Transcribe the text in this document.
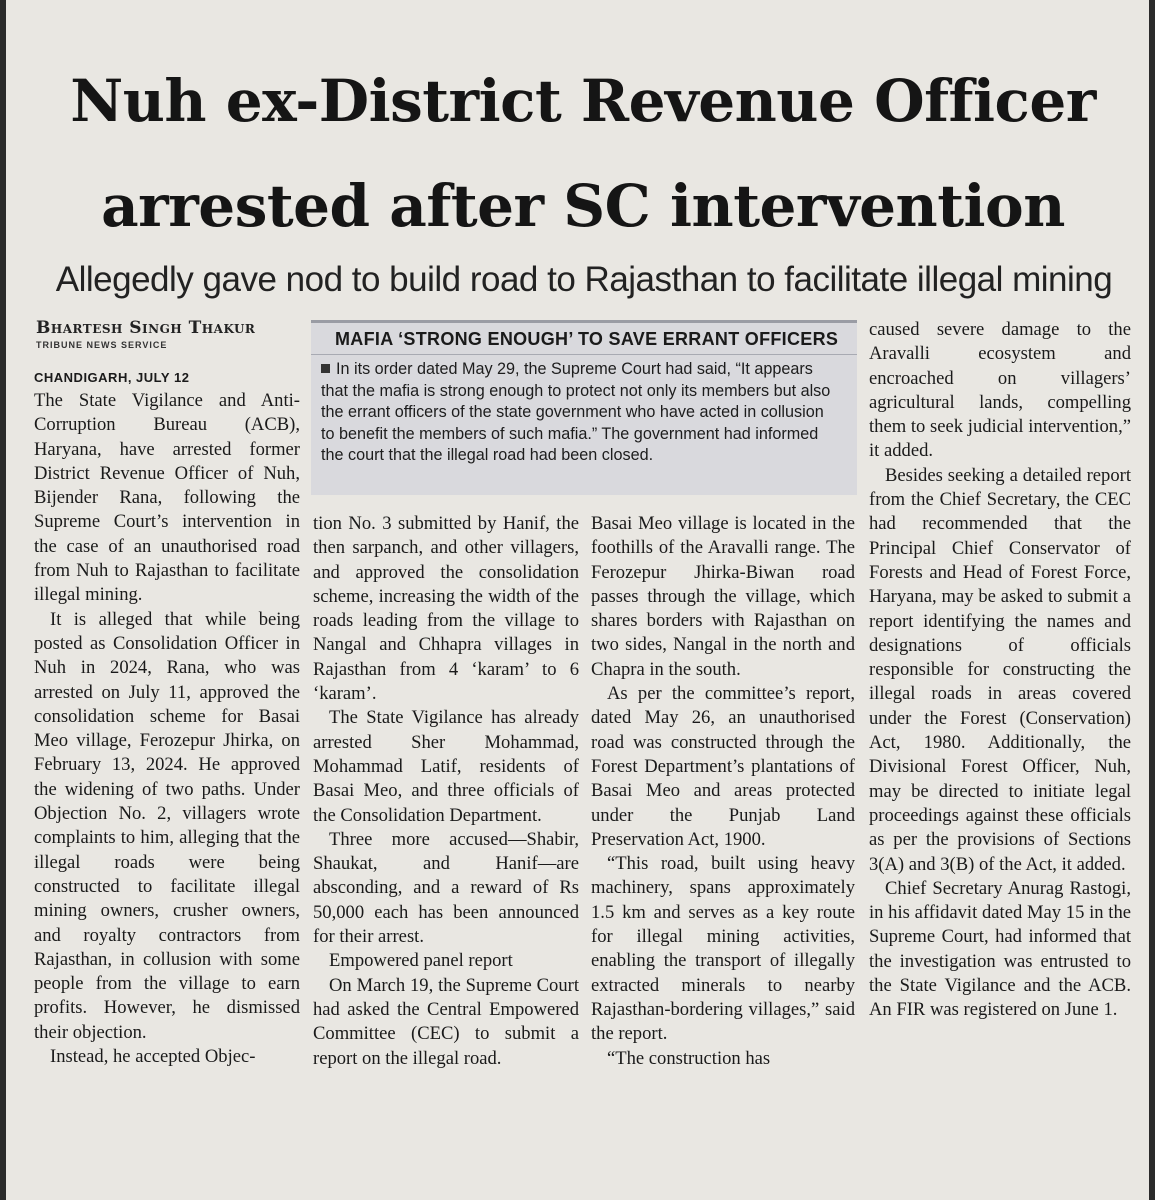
Nuh ex-District Revenue Officer
arrested after SC intervention
Allegedly gave nod to build road to Rajasthan to facilitate illegal mining
Bhartesh Singh Thakur
TRIBUNE NEWS SERVICE	MAFIA ‘STRONG ENOUGH’ TO SAVE ERRANT OFFICERS
In its order dated May 29, the Supreme Court had said, “It appears that the mafia is strong enough to protect not only its members but also the errant officers of the state government who have acted in collusion to benefit the members of such mafia.” The government had informed the court that the illegal road had been closed.
CHANDIGARH, JULY 12

The State Vigilance and Anti-Corruption Bureau (ACB), Haryana, have arrested former District Revenue Officer of Nuh, Bijender Rana, following the Supreme Court’s intervention in the case of an unauthorised road from Nuh to Rajasthan to facilitate illegal mining.

It is alleged that while being posted as Consolidation Officer in Nuh in 2024, Rana, who was arrested on July 11, approved the consolidation scheme for Basai Meo village, Ferozepur Jhirka, on February 13, 2024. He approved the widening of two paths. Under Objection No. 2, villagers wrote complaints to him, alleging that the illegal roads were being constructed to facilitate illegal mining owners, crusher owners, and royalty contractors from Rajasthan, in collusion with some people from the village to earn profits. However, he dismissed their objection.

Instead, he accepted Objec-

tion No. 3 submitted by Hanif, the then sarpanch, and other villagers, and approved the consolidation scheme, increasing the width of the roads leading from the village to Nangal and Chhapra villages in Rajasthan from 4 ‘karam’ to 6 ‘karam’.

The State Vigilance has already arrested Sher Mohammad, Mohammad Latif, residents of Basai Meo, and three officials of the Consolidation Department.

Three more accused—Shabir, Shaukat, and Hanif—are absconding, and a reward of Rs 50,000 each has been announced for their arrest.

Empowered panel report

On March 19, the Supreme Court had asked the Central Empowered Committee (CEC) to submit a report on the illegal road.

Basai Meo village is located in the foothills of the Aravalli range. The Ferozepur Jhirka-Biwan road passes through the village, which shares borders with Rajasthan on two sides, Nangal in the north and Chapra in the south.

As per the committee’s report, dated May 26, an unauthorised road was constructed through the Forest Department’s plantations of Basai Meo and areas protected under the Punjab Land Preservation Act, 1900.

“This road, built using heavy machinery, spans approximately 1.5 km and serves as a key route for illegal mining activities, enabling the transport of illegally extracted minerals to nearby Rajasthan-bordering villages,” said the report.

“The construction has

caused severe damage to the Aravalli ecosystem and encroached on villagers’ agricultural lands, compelling them to seek judicial intervention,” it added.

Besides seeking a detailed report from the Chief Secretary, the CEC had recommended that the Principal Chief Conservator of Forests and Head of Forest Force, Haryana, may be asked to submit a report identifying the names and designations of officials responsible for constructing the illegal roads in areas covered under the Forest (Conservation) Act, 1980. Additionally, the Divisional Forest Officer, Nuh, may be directed to initiate legal proceedings against these officials as per the provisions of Sections 3(A) and 3(B) of the Act, it added.

Chief Secretary Anurag Rastogi, in his affidavit dated May 15 in the Supreme Court, had informed that the investigation was entrusted to the State Vigilance and the ACB. An FIR was registered on June 1.
